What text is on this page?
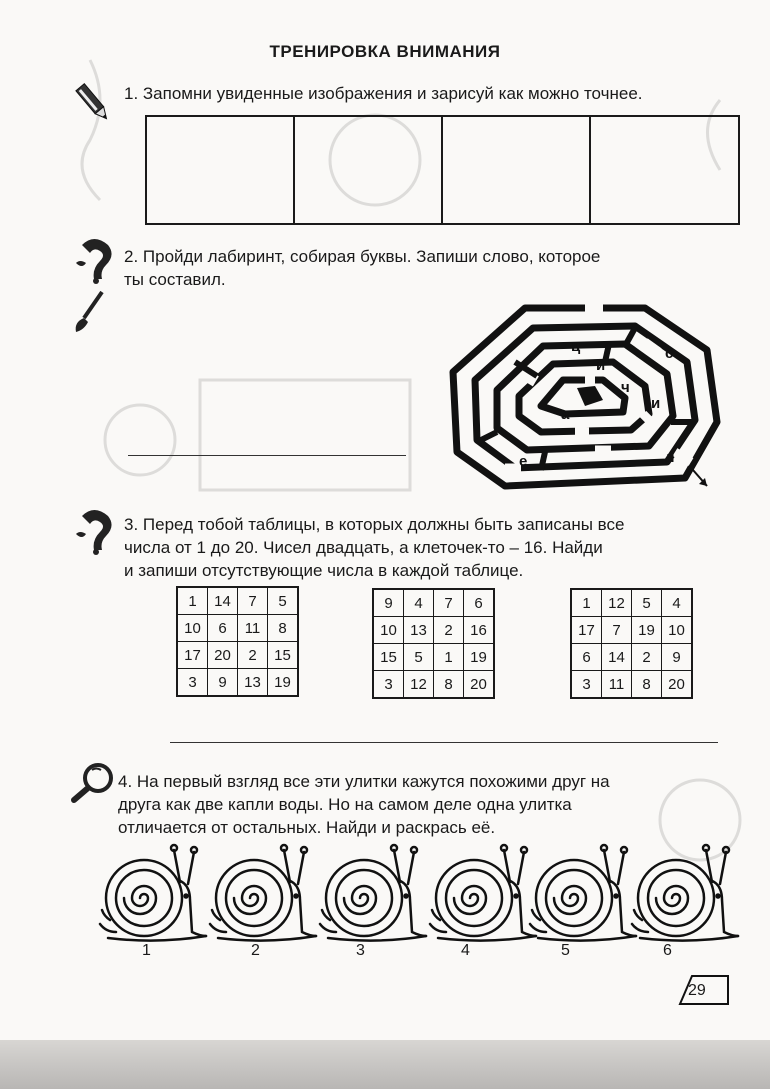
ТРЕНИРОВКА ВНИМАНИЯ
1. Запомни увиденные изображения и зарисуй как можно точнее.
2. Пройди лабиринт, собирая буквы. Запиши слово, которое
ты составил.
ц	с
ч
и
и
а
е	л
3. Перед тобой таблицы, в которых должны быть записаны все
числа от 1 до 20. Чисел двадцать, а клеточек-то – 16. Найди
и запиши отсутствующие числа в каждой таблице.
1	14	7	5
10	6	11	8
17	20	2	15
3	9	13	19
9	4	7	6
10	13	2	16
15	5	1	19
3	12	8	20
1	12	5	4
17	7	19	10
6	14	2	9
3	11	8	20
4. На первый взгляд все эти улитки кажутся похожими друг на
друга как две капли воды. Но на самом деле одна улитка
отличается от остальных. Найди и раскрась её.
1	2	3	4	5	6
29
